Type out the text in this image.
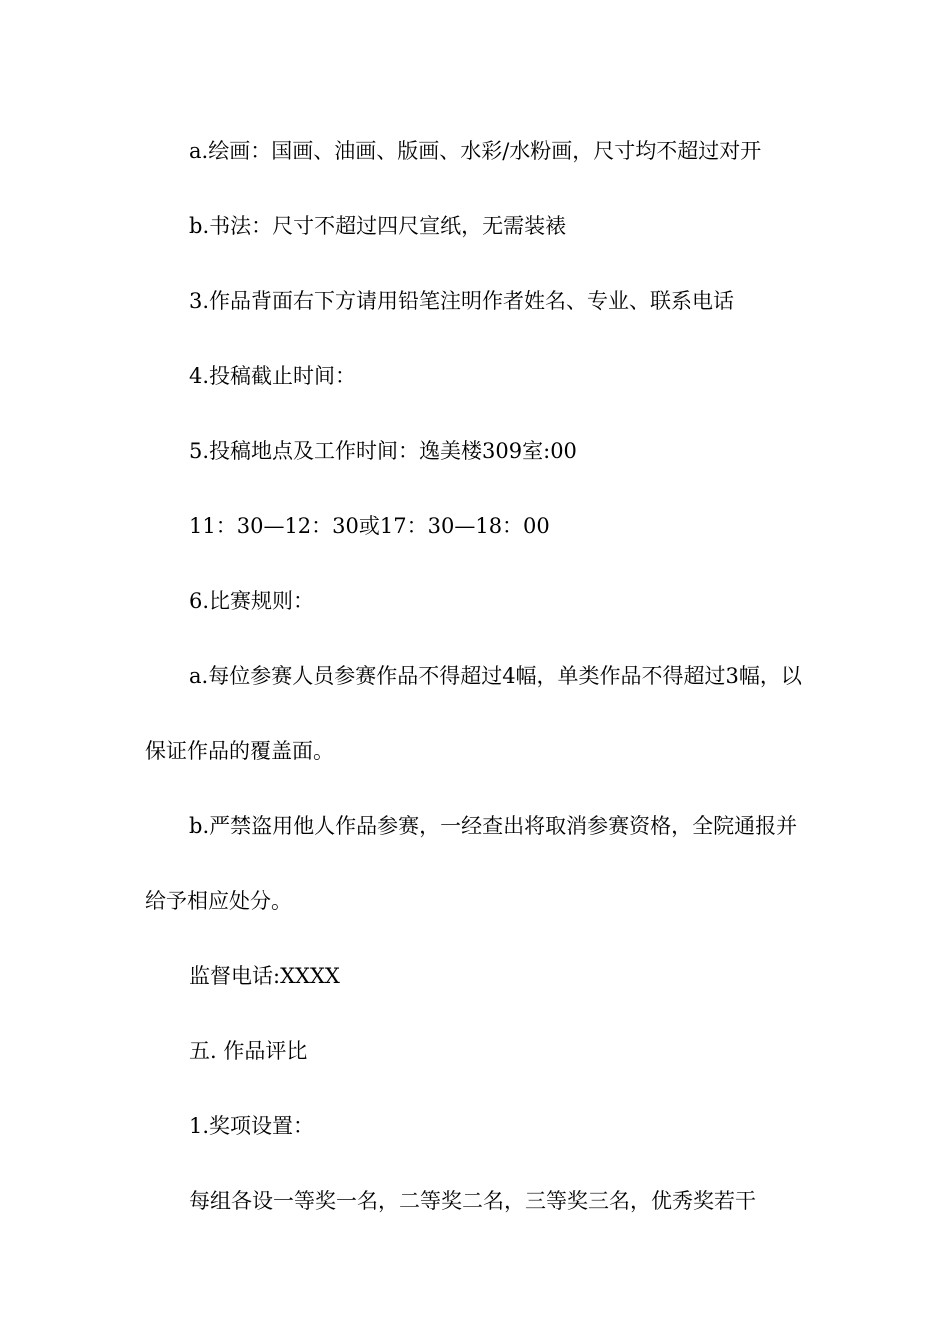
a.绘画：国画、油画、版画、水彩/水粉画，尺寸均不超过对开

b.书法：尺寸不超过四尺宣纸，无需装裱

3.作品背面右下方请用铅笔注明作者姓名、专业、联系电话

4.投稿截止时间：

5.投稿地点及工作时间：逸美楼309室:00

11：30—12：30或17：30—18：00

6.比赛规则：

a.每位参赛人员参赛作品不得超过4幅，单类作品不得超过3幅，以保证作品的覆盖面。

b.严禁盗用他人作品参赛，一经查出将取消参赛资格，全院通报并给予相应处分。

监督电话:XXXX

五. 作品评比

1.奖项设置：

每组各设一等奖一名，二等奖二名，三等奖三名，优秀奖若干
